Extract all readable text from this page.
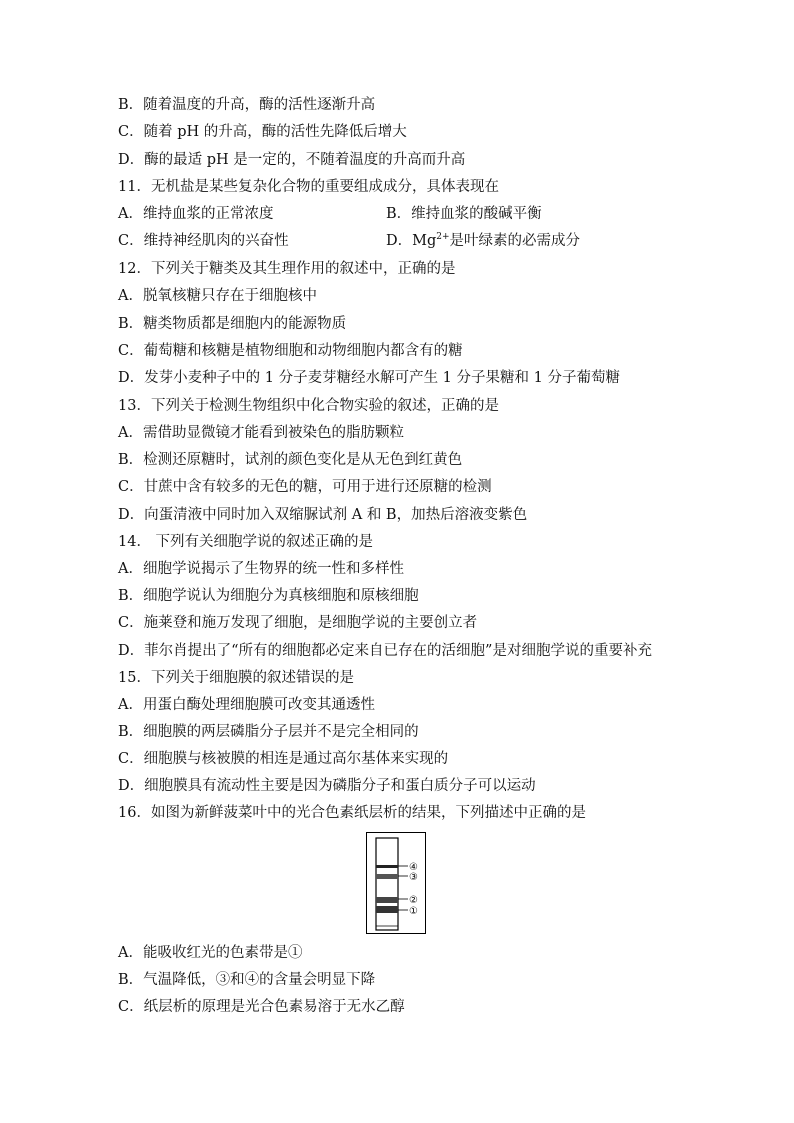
B．随着温度的升高，酶的活性逐渐升高
C．随着 pH 的升高，酶的活性先降低后增大
D．酶的最适 pH 是一定的，不随着温度的升高而升高
11．无机盐是某些复杂化合物的重要组成成分，具体表现在
A．维持血浆的正常浓度	B．维持血浆的酸碱平衡
C．维持神经肌肉的兴奋性	D．$Mg^{2+}$是叶绿素的必需成分
12．下列关于糖类及其生理作用的叙述中，正确的是
A．脱氧核糖只存在于细胞核中
B．糖类物质都是细胞内的能源物质
C．葡萄糖和核糖是植物细胞和动物细胞内都含有的糖
D．发芽小麦种子中的 1 分子麦芽糖经水解可产生 1 分子果糖和 1 分子葡萄糖
13．下列关于检测生物组织中化合物实验的叙述，正确的是
A．需借助显微镜才能看到被染色的脂肪颗粒
B．检测还原糖时，试剂的颜色变化是从无色到红黄色
C．甘蔗中含有较多的无色的糖，可用于进行还原糖的检测
D．向蛋清液中同时加入双缩脲试剂 A 和 B，加热后溶液变紫色
14． 下列有关细胞学说的叙述正确的是
A．细胞学说揭示了生物界的统一性和多样性
B．细胞学说认为细胞分为真核细胞和原核细胞
C．施莱登和施万发现了细胞，是细胞学说的主要创立者
D．菲尔肖提出了“所有的细胞都必定来自已存在的活细胞”是对细胞学说的重要补充
15．下列关于细胞膜的叙述错误的是
A．用蛋白酶处理细胞膜可改变其通透性
B．细胞膜的两层磷脂分子层并不是完全相同的
C．细胞膜与核被膜的相连是通过高尔基体来实现的
D．细胞膜具有流动性主要是因为磷脂分子和蛋白质分子可以运动
16．如图为新鲜菠菜叶中的光合色素纸层析的结果，下列描述中正确的是
④
③
②
①
A．能吸收红光的色素带是①
B．气温降低，③和④的含量会明显下降
C．纸层析的原理是光合色素易溶于无水乙醇
